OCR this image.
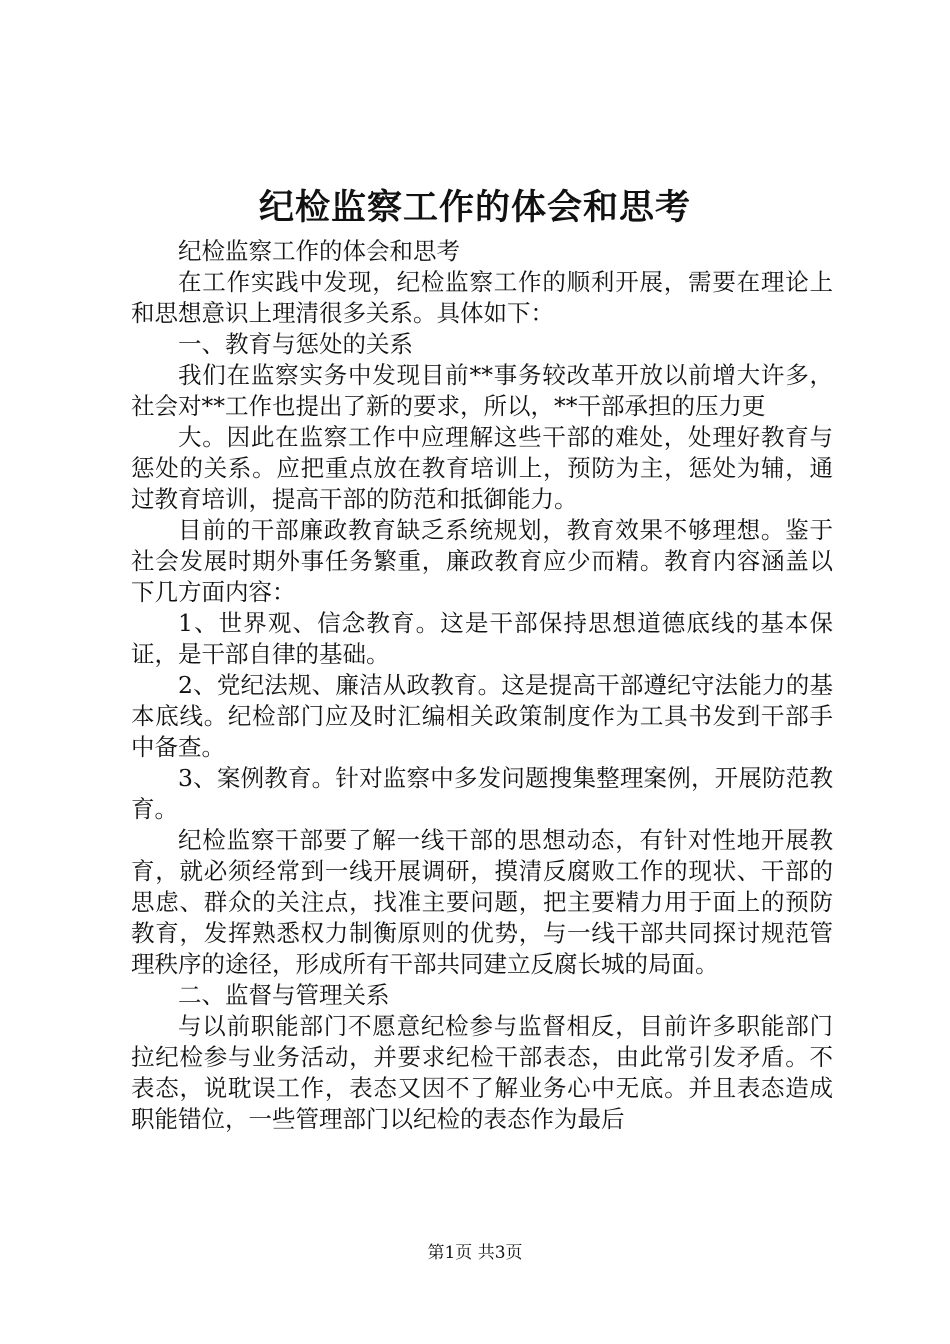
纪检监察工作的体会和思考

纪检监察工作的体会和思考

在工作实践中发现，纪检监察工作的顺利开展，需要在理论上和思想意识上理清很多关系。具体如下：

一、教育与惩处的关系

我们在监察实务中发现目前**事务较改革开放以前增大许多，社会对**工作也提出了新的要求，所以，**干部承担的压力更

大。因此在监察工作中应理解这些干部的难处，处理好教育与惩处的关系。应把重点放在教育培训上，预防为主，惩处为辅，通过教育培训，提高干部的防范和抵御能力。

目前的干部廉政教育缺乏系统规划，教育效果不够理想。鉴于社会发展时期外事任务繁重，廉政教育应少而精。教育内容涵盖以下几方面内容：

1、世界观、信念教育。这是干部保持思想道德底线的基本保证，是干部自律的基础。

2、党纪法规、廉洁从政教育。这是提高干部遵纪守法能力的基本底线。纪检部门应及时汇编相关政策制度作为工具书发到干部手中备查。

3、案例教育。针对监察中多发问题搜集整理案例，开展防范教育。

纪检监察干部要了解一线干部的思想动态，有针对性地开展教育，就必须经常到一线开展调研，摸清反腐败工作的现状、干部的思虑、群众的关注点，找准主要问题，把主要精力用于面上的预防教育，发挥熟悉权力制衡原则的优势，与一线干部共同探讨规范管理秩序的途径，形成所有干部共同建立反腐长城的局面。

二、监督与管理关系

与以前职能部门不愿意纪检参与监督相反，目前许多职能部门拉纪检参与业务活动，并要求纪检干部表态，由此常引发矛盾。不表态，说耽误工作，表态又因不了解业务心中无底。并且表态造成职能错位，一些管理部门以纪检的表态作为最后

第1页 共3页
